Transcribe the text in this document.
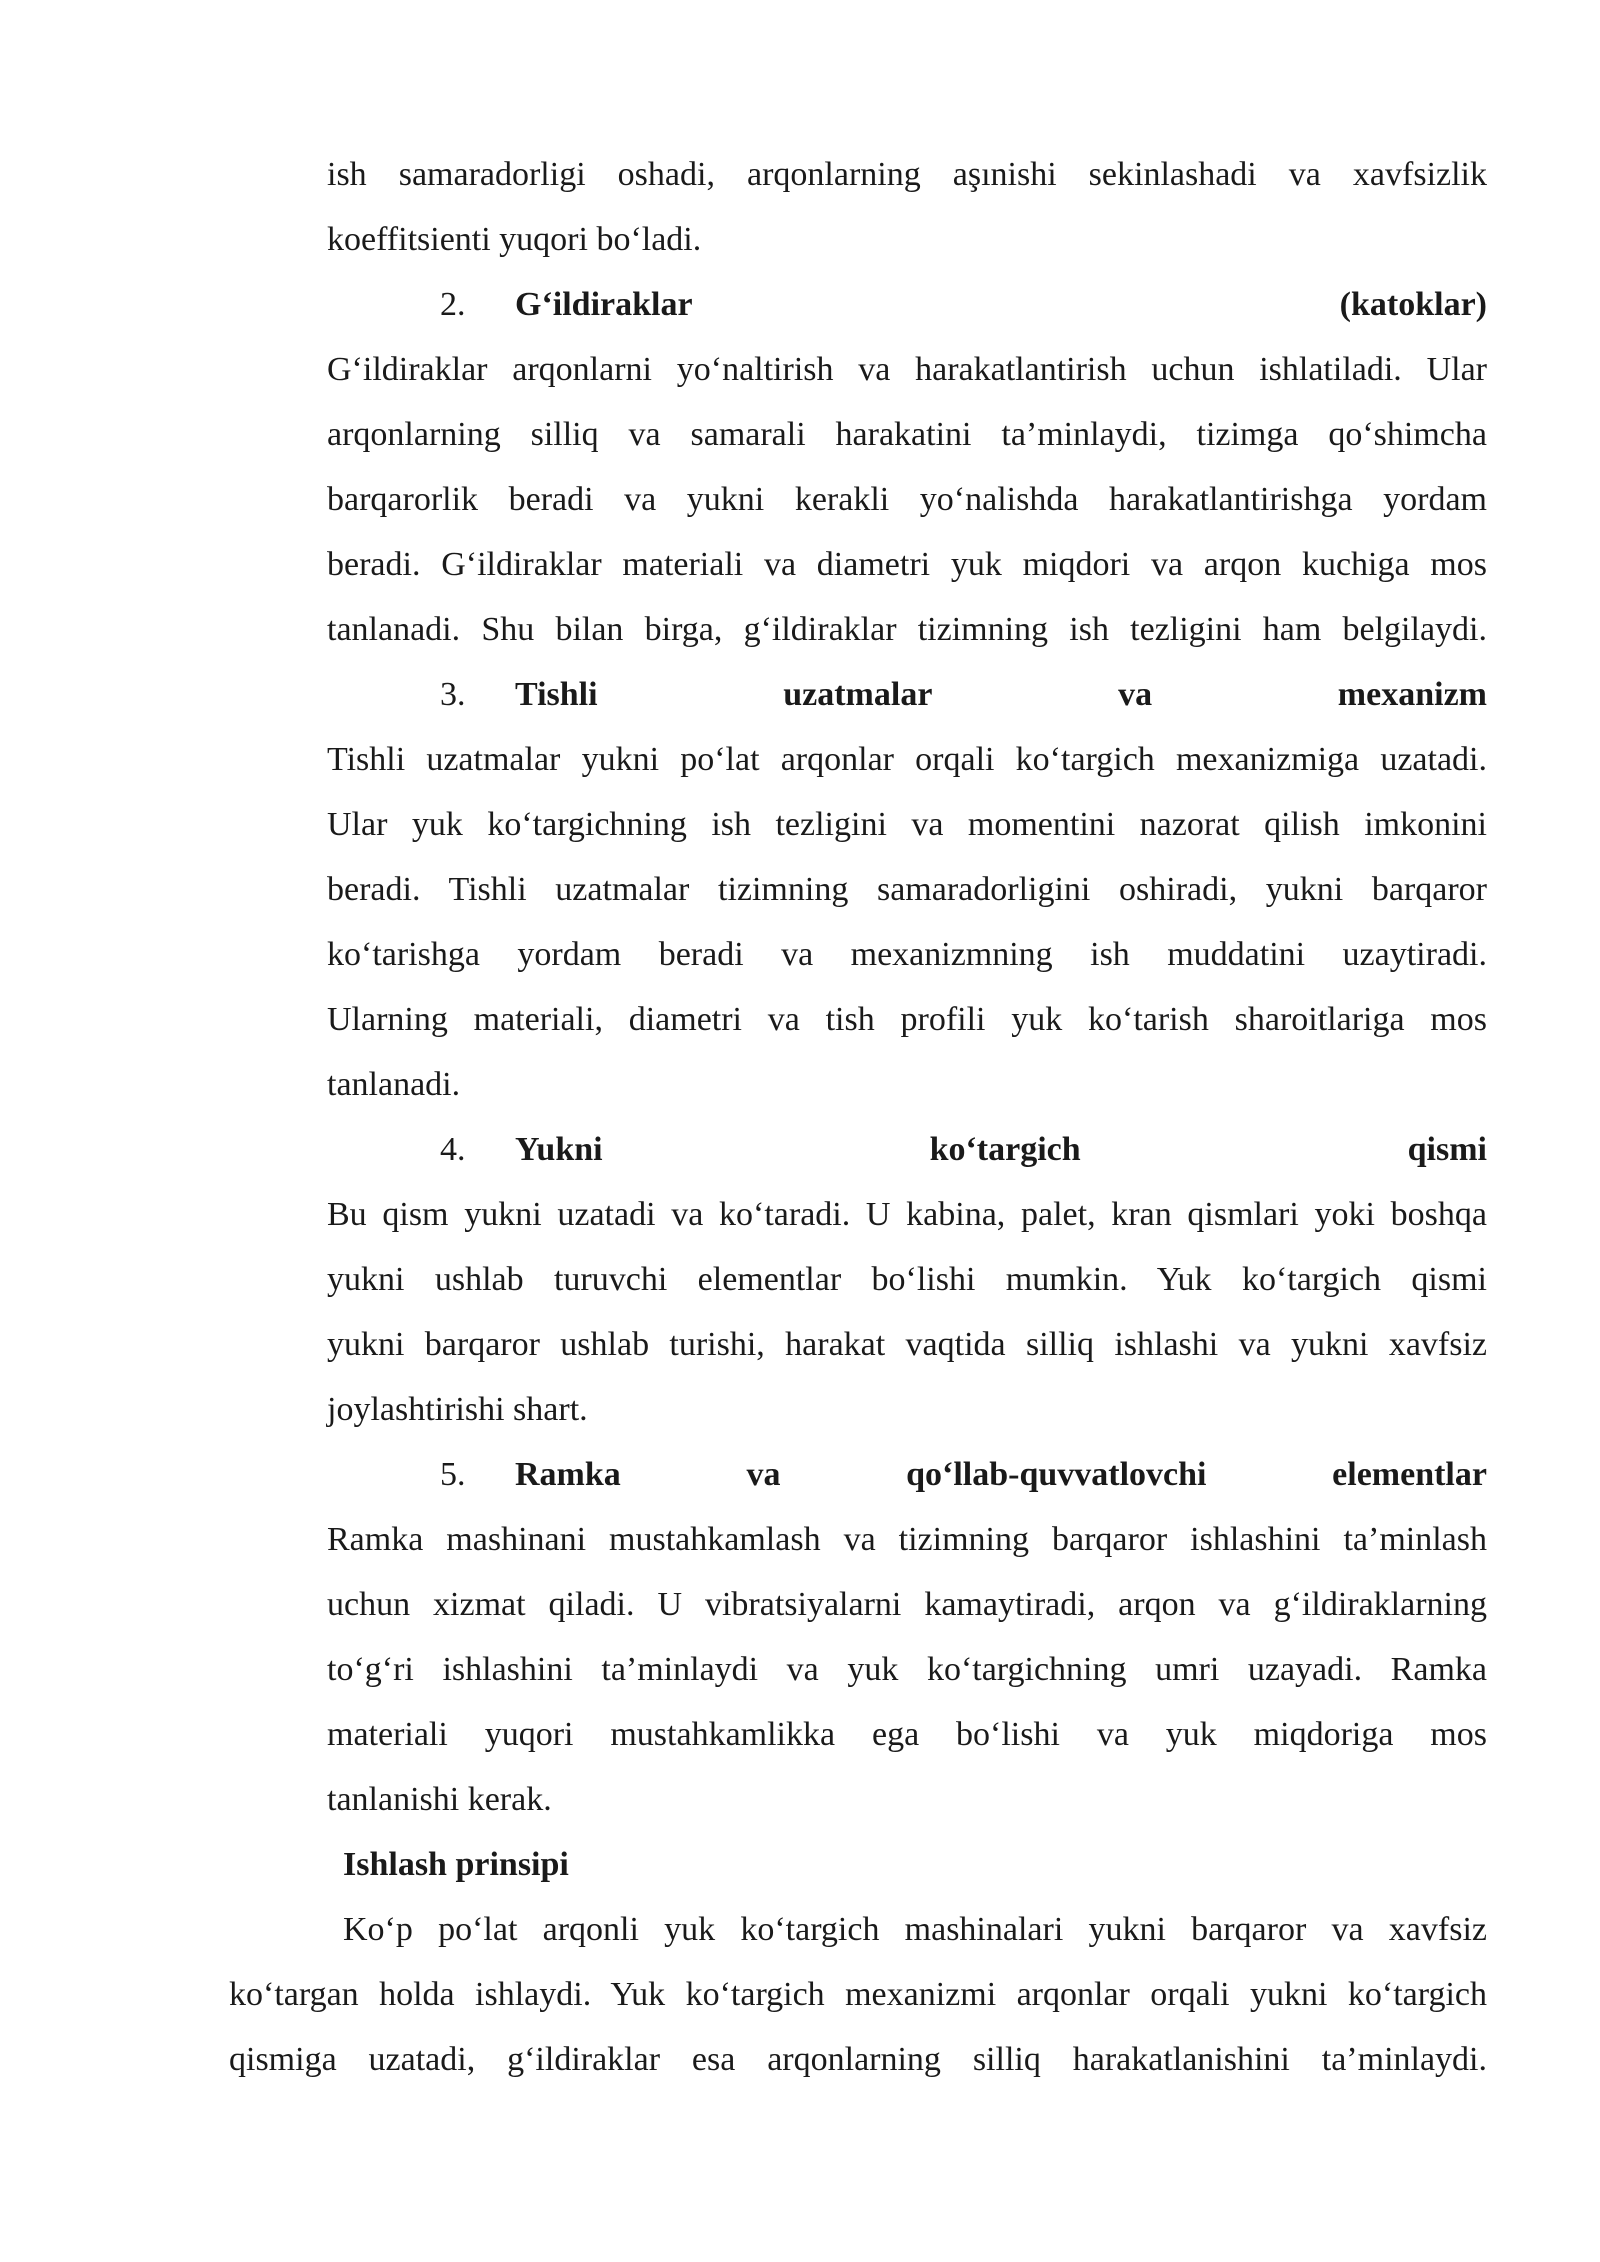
ish samaradorligi oshadi, arqonlarning aşınishi sekinlashadi va xavfsizlik
koeffitsienti yuqori bo‘ladi.
2. G‘ildiraklar	(katoklar)
G‘ildiraklar arqonlarni yo‘naltirish va harakatlantirish uchun ishlatiladi. Ular
arqonlarning silliq va samarali harakatini ta’minlaydi, tizimga qo‘shimcha
barqarorlik beradi va yukni kerakli yo‘nalishda harakatlantirishga yordam
beradi. G‘ildiraklar materiali va diametri yuk miqdori va arqon kuchiga mos
tanlanadi. Shu bilan birga, g‘ildiraklar tizimning ish tezligini ham belgilaydi.
3. Tishli	uzatmalar	va	mexanizm
Tishli uzatmalar yukni po‘lat arqonlar orqali ko‘targich mexanizmiga uzatadi.
Ular yuk ko‘targichning ish tezligini va momentini nazorat qilish imkonini
beradi. Tishli uzatmalar tizimning samaradorligini oshiradi, yukni barqaror
ko‘tarishga yordam beradi va mexanizmning ish muddatini uzaytiradi.
Ularning materiali, diametri va tish profili yuk ko‘tarish sharoitlariga mos
tanlanadi.
4. Yukni	ko‘targich	qismi
Bu qism yukni uzatadi va ko‘taradi. U kabina, palet, kran qismlari yoki boshqa
yukni ushlab turuvchi elementlar bo‘lishi mumkin. Yuk ko‘targich qismi
yukni barqaror ushlab turishi, harakat vaqtida silliq ishlashi va yukni xavfsiz
joylashtirishi shart.
5. Ramka	va	qo‘llab-quvvatlovchi	elementlar
Ramka mashinani mustahkamlash va tizimning barqaror ishlashini ta’minlash
uchun xizmat qiladi. U vibratsiyalarni kamaytiradi, arqon va g‘ildiraklarning
to‘g‘ri ishlashini ta’minlaydi va yuk ko‘targichning umri uzayadi. Ramka
materiali yuqori mustahkamlikka ega bo‘lishi va yuk miqdoriga mos
tanlanishi kerak.
Ishlash prinsipi
Ko‘p po‘lat arqonli yuk ko‘targich mashinalari yukni barqaror va xavfsiz
ko‘targan holda ishlaydi. Yuk ko‘targich mexanizmi arqonlar orqali yukni ko‘targich
qismiga uzatadi, g‘ildiraklar esa arqonlarning silliq harakatlanishini ta’minlaydi.
